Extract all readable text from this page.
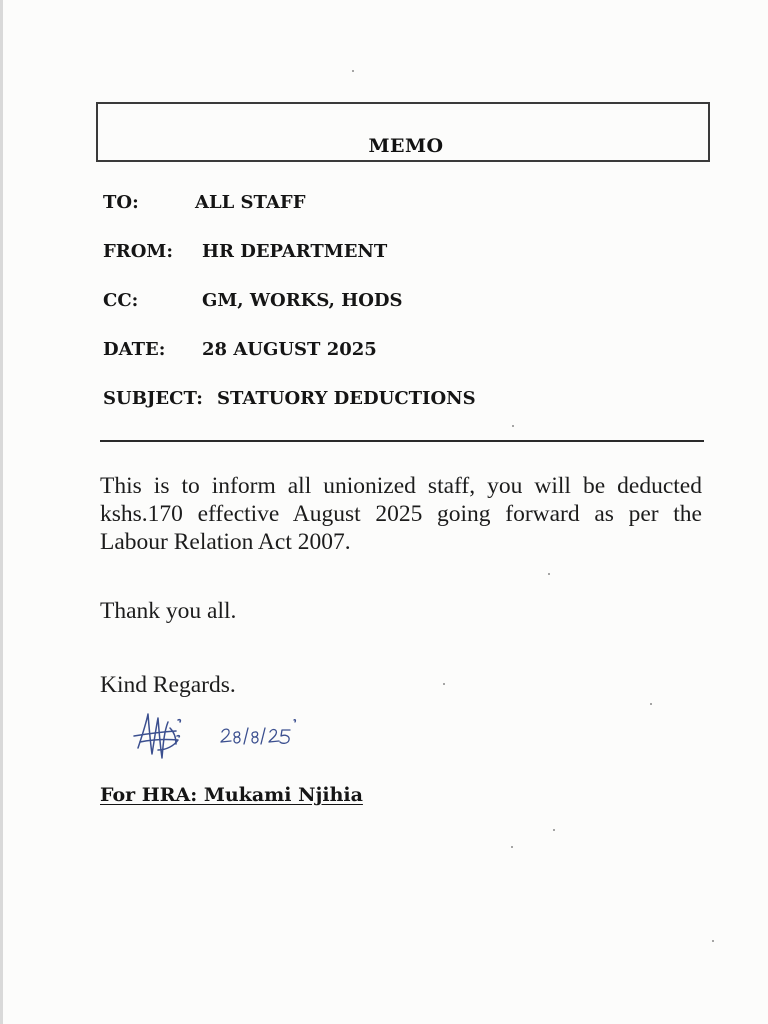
MEMO
TO:	ALL STAFF
FROM: HR DEPARTMENT
CC:	GM, WORKS, HODS
DATE: 28 AUGUST 2025
SUBJECT: STATUORY DEDUCTIONS
This is to inform all unionized staff, you will be deducted kshs.170 effective August 2025 going forward as per the Labour Relation Act 2007.
Thank you all.
Kind Regards.
For HRA: Mukami Njihia
